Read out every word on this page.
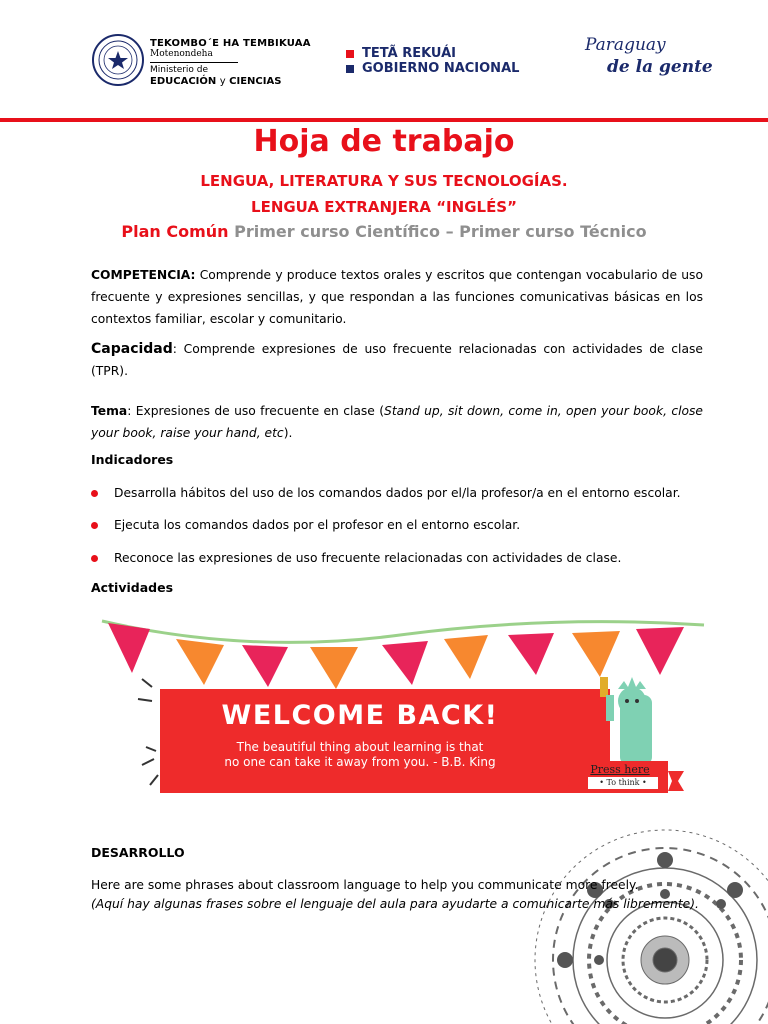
TEKOMBO´E HA TEMBIKUAA
Motenondeha
Ministerio de
EDUCACIÓN y CIENCIAS
TETÃ REKUÁI
GOBIERNO NACIONAL
Paraguay
de la gente
Hoja de trabajo
LENGUA, LITERATURA Y SUS TECNOLOGÍAS.
LENGUA EXTRANJERA “INGLÉS”
Plan Común Primer curso Científico – Primer curso Técnico
COMPETENCIA: Comprende y produce textos orales y escritos que contengan vocabulario de uso frecuente y expresiones sencillas, y que respondan a las funciones comunicativas básicas en los contextos familiar, escolar y comunitario.
Capacidad: Comprende expresiones de uso frecuente relacionadas con actividades de clase (TPR).
Tema: Expresiones de uso frecuente en clase (Stand up, sit down, come in, open your book, close your book, raise your hand, etc).
Indicadores
Desarrolla hábitos del uso de los comandos dados por el/la profesor/a en el entorno escolar.
Ejecuta los comandos dados por el profesor en el entorno escolar.
Reconoce las expresiones de uso frecuente relacionadas con actividades de clase.
Actividades
WELCOME BACK!
The beautiful thing about learning is that
no one can take it away from you. - B.B. King
Press here
• To think •
DESARROLLO
Here are some phrases about classroom language to help you communicate more freely.
(Aquí hay algunas frases sobre el lenguaje del aula para ayudarte a comunicarte más libremente).
